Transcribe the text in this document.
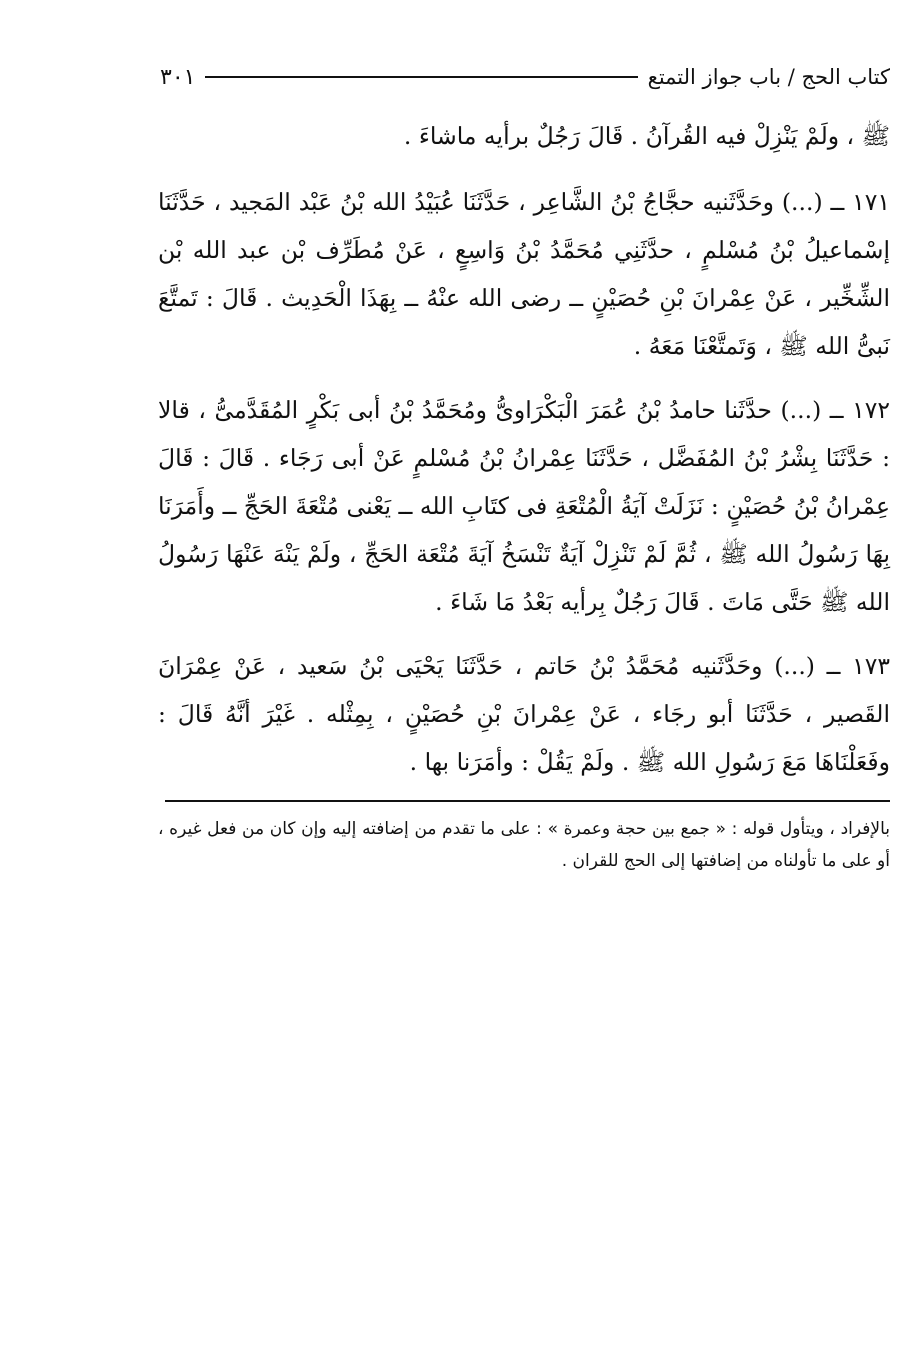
كتاب الحج / باب جواز التمتع
٣٠١

ﷺ ، ولَمْ يَنْزِلْ فيه القُرآنُ . قَالَ رَجُلٌ برأيه ماشاءَ .

١٧١ ــ (...) وحَدَّثَنيه حجَّاجُ بْنُ الشَّاعِر ، حَدَّثَنَا عُبَيْدُ الله بْنُ عَبْد المَجيد ، حَدَّثَنَا إسْماعيلُ بْنُ مُسْلمٍ ، حدَّثَنِي مُحَمَّدُ بْنُ وَاسِعٍ ، عَنْ مُطَرِّف بْن عبد الله بْن الشِّخِّير ، عَنْ عِمْرانَ بْنِ حُصَيْنٍ ــ رضى الله عنْهُ ــ بِهَذَا الْحَدِيث . قَالَ : تَمتَّعَ نَبىُّ الله ﷺ ، وَتَمتَّعْنَا مَعَهُ .

١٧٢ ــ (...) حدَّثَنا حامدُ بْنُ عُمَرَ الْبَكْرَاوىُّ ومُحَمَّدُ بْنُ أبى بَكْرٍ المُقَدَّمىُّ ، قالا : حَدَّثَنَا بِشْرُ بْنُ المُفَضَّل ، حَدَّثَنَا عِمْرانُ بْنُ مُسْلمٍ عَنْ أبى رَجَاء . قَالَ : قَالَ عِمْرانُ بْنُ حُصَيْنٍ : نَزَلَتْ آيَةُ الْمُتْعَةِ فى كتَابِ الله ــ يَعْنى مُتْعَةَ الحَجِّ ــ وأَمَرَنَا بِهَا رَسُولُ الله ﷺ ، ثُمَّ لَمْ تَنْزِلْ آيَةٌ تَنْسَخُ آيَةَ مُتْعَة الحَجِّ ، ولَمْ يَنْهَ عَنْهَا رَسُولُ الله ﷺ حَتَّى مَاتَ . قَالَ رَجُلٌ بِرأيه بَعْدُ مَا شَاءَ .

١٧٣ ــ (...) وحَدَّثَنيه مُحَمَّدُ بْنُ حَاتم ، حَدَّثَنَا يَحْيَى بْنُ سَعيد ، عَنْ عِمْرَانَ القَصير ، حَدَّثَنَا أبو رجَاء ، عَنْ عِمْرانَ بْنِ حُصَيْنٍ ، بِمِثْله . غَيْرَ أنَّهُ قَالَ : وفَعَلْنَاهَا مَعَ رَسُولِ الله ﷺ . ولَمْ يَقُلْ : وأمَرَنا بها .

بالإفراد ، ويتأول قوله : « جمع بين حجة وعمرة » : على ما تقدم من إضافته إليه وإن كان من فعل غيره ، أو على ما تأولناه من إضافتها إلى الحج للقران .
